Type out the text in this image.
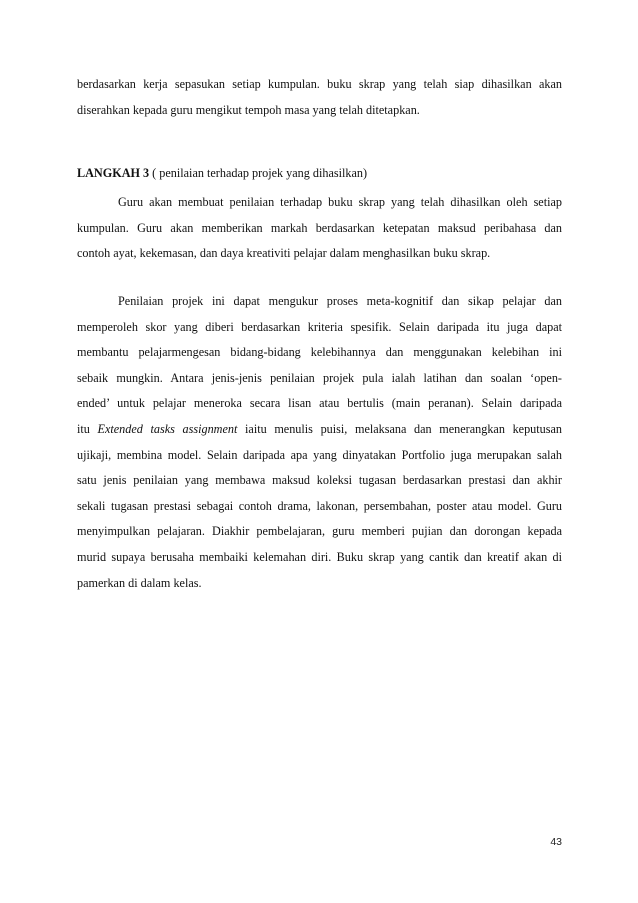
berdasarkan kerja sepasukan setiap kumpulan. buku skrap yang telah siap dihasilkan akan
diserahkan kepada guru mengikut tempoh masa yang telah ditetapkan.
LANGKAH 3 ( penilaian terhadap projek yang dihasilkan)
Guru akan membuat penilaian terhadap buku skrap yang telah dihasilkan oleh setiap
kumpulan. Guru akan memberikan markah berdasarkan ketepatan maksud peribahasa dan
contoh ayat, kekemasan, dan daya kreativiti pelajar dalam menghasilkan buku skrap.
Penilaian projek ini dapat mengukur proses meta-kognitif dan sikap pelajar dan
memperoleh skor yang diberi berdasarkan kriteria spesifik. Selain daripada itu juga dapat
membantu pelajarmengesan bidang-bidang kelebihannya dan menggunakan kelebihan ini
sebaik mungkin. Antara jenis-jenis penilaian projek pula ialah latihan dan soalan ‘open-
ended’ untuk pelajar meneroka secara lisan atau bertulis (main peranan). Selain daripada
itu Extended tasks assignment iaitu menulis puisi, melaksana dan menerangkan keputusan
ujikaji, membina model. Selain daripada apa yang dinyatakan Portfolio juga merupakan salah
satu jenis penilaian yang membawa maksud koleksi tugasan berdasarkan prestasi dan akhir
sekali tugasan prestasi sebagai contoh drama, lakonan, persembahan, poster atau model. Guru
menyimpulkan pelajaran. Diakhir pembelajaran, guru memberi pujian dan dorongan kepada
murid supaya berusaha membaiki kelemahan diri. Buku skrap yang cantik dan kreatif akan di
pamerkan di dalam kelas.
43
